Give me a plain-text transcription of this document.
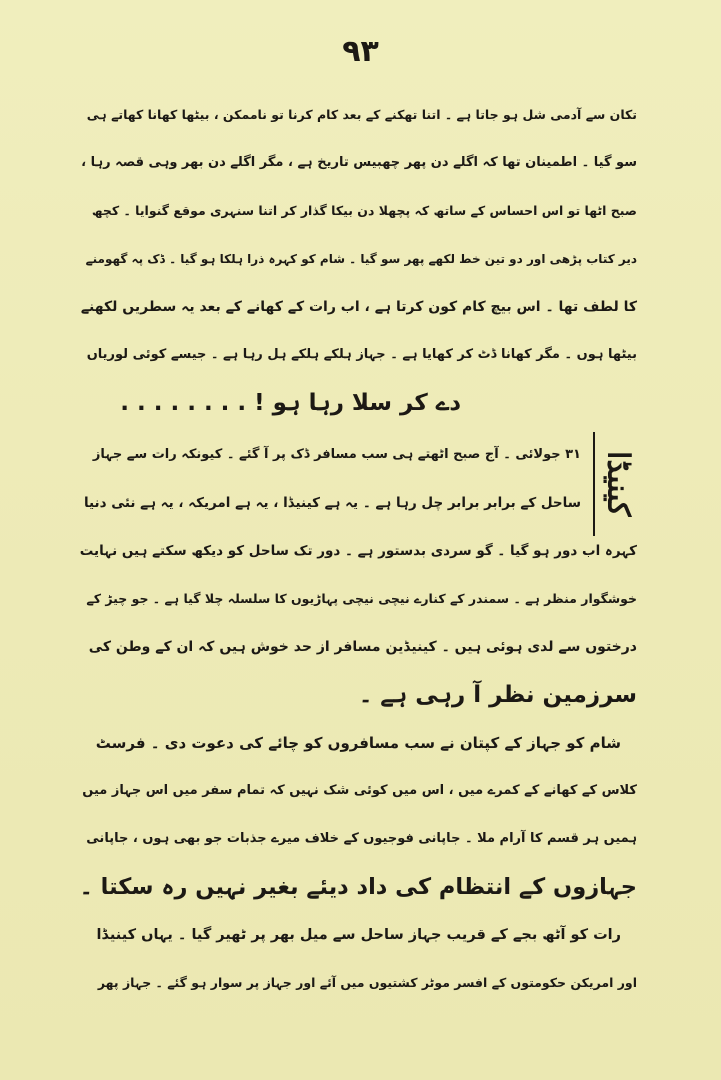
۹۳
تکان سے آدمی شل ہو جاتا ہے ۔ اتنا تھکنے کے بعد کام کرنا تو ناممکن ، بیٹھا کھانا کھاتے ہی
سو گیا ۔ اطمینان تھا کہ اگلے دن پھر چھبیس تاریخ ہے ، مگر اگلے دن بھر وہی قصہ رہا ،
صبح اٹھا تو اس احساس کے ساتھ کہ پچھلا دن بیکا گذار کر اتنا سنہری موقع گنوایا ۔ کچھ
دیر کتاب پڑھی اور دو تین خط لکھے پھر سو گیا ۔ شام کو کہرہ ذرا ہلکا ہو گیا ۔ ڈک پہ گھومنے
کا لطف تھا ۔ اس بیچ کام کون کرتا ہے ، اب رات کے کھانے کے بعد یہ سطریں لکھنے
بیٹھا ہوں ۔ مگر کھانا ڈٹ کر کھایا ہے ۔ جہاز ہلکے ہلکے ہل رہا ہے ۔ جیسے کوئی لوریاں
دے کر سلا رہا ہو ! . . . . . . . .
کینیڈا
۳۱ جولائی ۔ آج صبح اٹھتے ہی سب مسافر ڈک پر آ گئے ۔ کیونکہ رات سے جہاز
ساحل کے برابر برابر چل رہا ہے ۔ یہ ہے کینیڈا ، یہ ہے امریکہ ، یہ ہے نئی دنیا
کہرہ اب دور ہو گیا ۔ گو سردی بدستور ہے ۔ دور تک ساحل کو دیکھ سکتے ہیں نہایت
خوشگوار منظر ہے ۔ سمندر کے کنارے نیچی نیچی پہاڑیوں کا سلسلہ چلا گیا ہے ۔ جو چیڑ کے
درختوں سے لدی ہوئی ہیں ۔ کینیڈین مسافر از حد خوش ہیں کہ ان کے وطن کی
سرزمین نظر آ رہی ہے ۔
شام کو جہاز کے کپتان نے سب مسافروں کو چائے کی دعوت دی ۔ فرسٹ
کلاس کے کھانے کے کمرے میں ، اس میں کوئی شک نہیں کہ تمام سفر میں اس جہاز میں
ہمیں ہر قسم کا آرام ملا ۔ جاپانی فوجیوں کے خلاف میرے جذبات جو بھی ہوں ، جاپانی
جہازوں کے انتظام کی داد دیئے بغیر نہیں رہ سکتا ۔
رات کو آٹھ بجے کے قریب جہاز ساحل سے میل بھر پر ٹھیر گیا ۔ یہاں کینیڈا
اور امریکن حکومتوں کے افسر موٹر کشتیوں میں آئے اور جہاز پر سوار ہو گئے ۔ جہاز پھر
